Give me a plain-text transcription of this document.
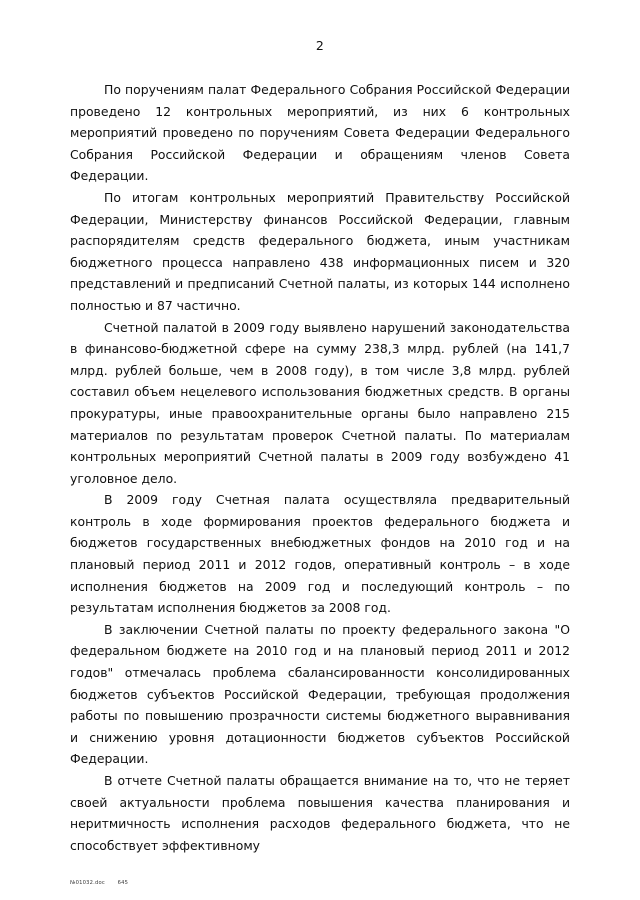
2

По поручениям палат Федерального Собрания Российской Федерации проведено 12 контрольных мероприятий, из них 6 контрольных мероприятий проведено по поручениям Совета Федерации Федерального Собрания Российской Федерации и обращениям членов Совета Федерации.

По итогам контрольных мероприятий Правительству Российской Федерации, Министерству финансов Российской Федерации, главным распорядителям средств федерального бюджета, иным участникам бюджетного процесса направлено 438 информационных писем и 320 представлений и предписаний Счетной палаты, из которых 144 исполнено полностью и 87 частично.

Счетной палатой в 2009 году выявлено нарушений законодательства в финансово-бюджетной сфере на сумму 238,3 млрд. рублей (на 141,7 млрд. рублей больше, чем в 2008 году), в том числе 3,8 млрд. рублей составил объем нецелевого использования бюджетных средств. В органы прокуратуры, иные правоохранительные органы было направлено 215 материалов по результатам проверок Счетной палаты. По материалам контрольных мероприятий Счетной палаты в 2009 году возбуждено 41 уголовное дело.

В 2009 году Счетная палата осуществляла предварительный контроль в ходе формирования проектов федерального бюджета и бюджетов государственных внебюджетных фондов на 2010 год и на плановый период 2011 и 2012 годов, оперативный контроль – в ходе исполнения бюджетов на 2009 год и последующий контроль – по результатам исполнения бюджетов за 2008 год.

В заключении Счетной палаты по проекту федерального закона "О федеральном бюджете на 2010 год и на плановый период 2011 и 2012 годов" отмечалась проблема сбалансированности консолидированных бюджетов субъектов Российской Федерации, требующая продолжения работы по повышению прозрачности системы бюджетного выравнивания и снижению уровня дотационности бюджетов субъектов Российской Федерации.

В отчете Счетной палаты обращается внимание на то, что не теряет своей актуальности проблема повышения качества планирования и неритмичность исполнения расходов федерального бюджета, что не способствует эффективному

№01032.doc 645
